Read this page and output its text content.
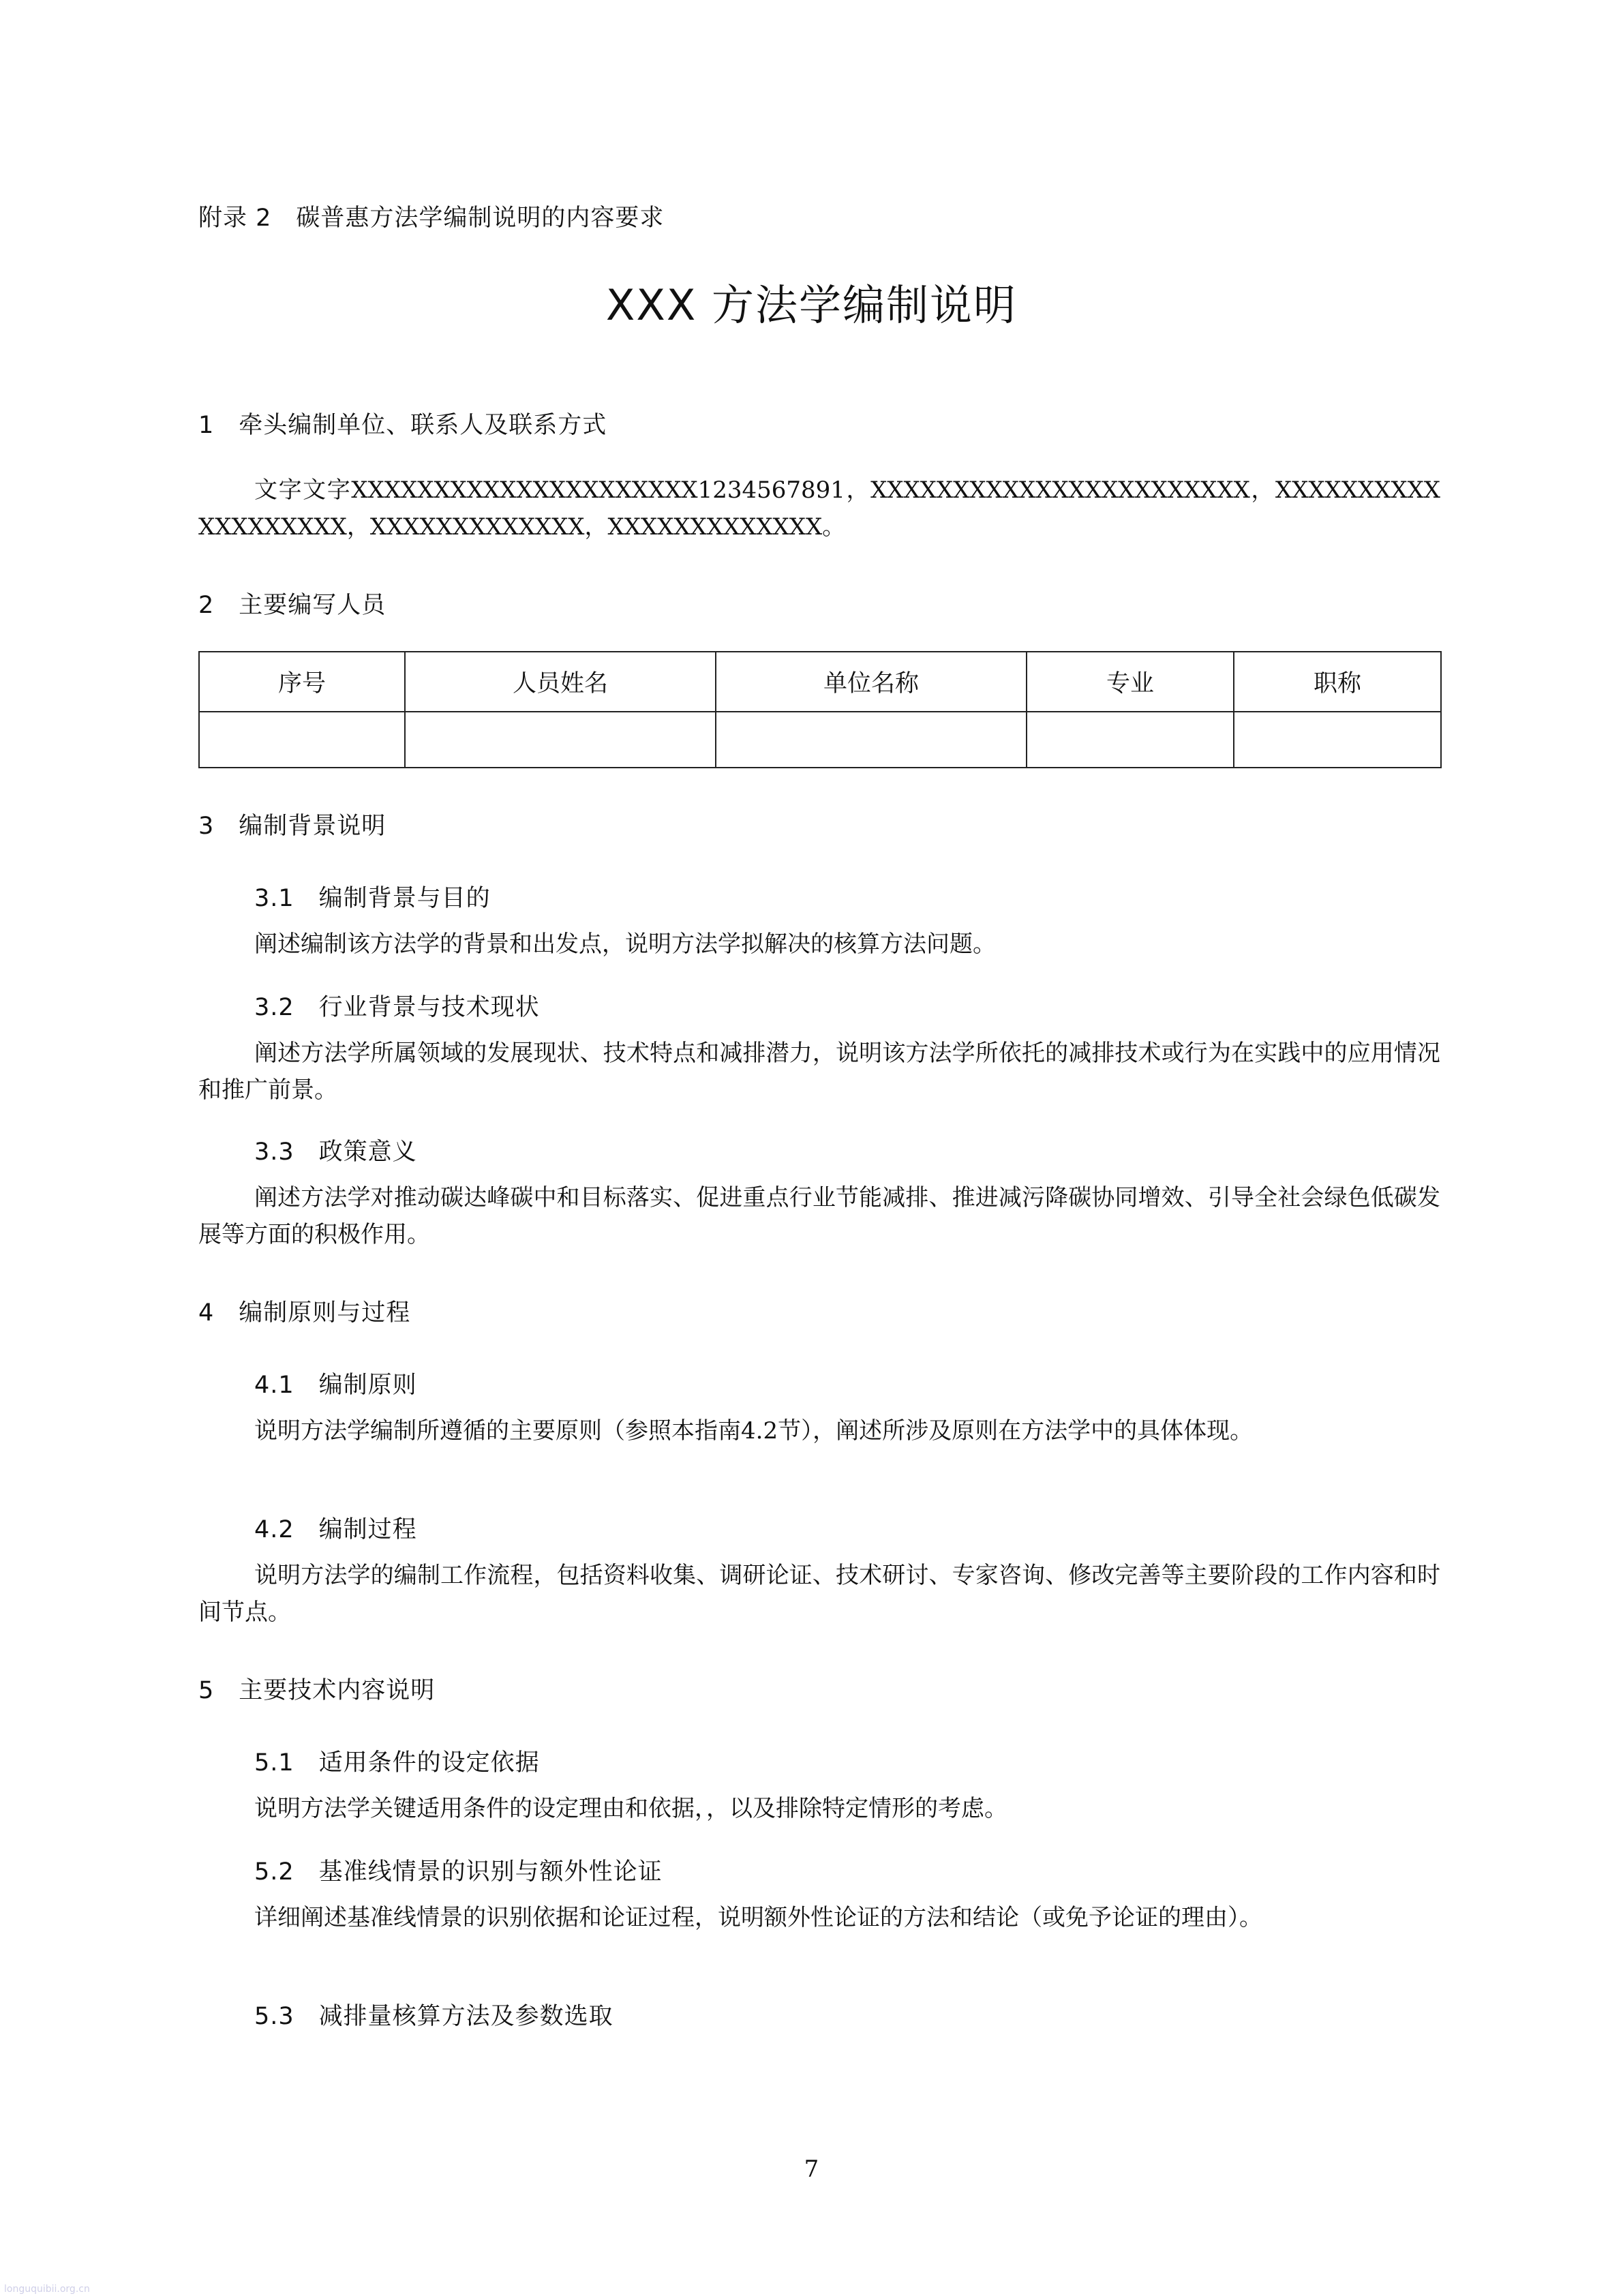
附录 2　碳普惠方法学编制说明的内容要求
XXX 方法学编制说明
1　牵头编制单位、联系人及联系方式

文字文字XXXXXXXXXXXXXXXXXXXXX1234567891，XXXXXXXXXXXXXXXXXXXXXXX，XXXXXXXXXXXXXXXXXXX，XXXXXXXXXXXXX，XXXXXXXXXXXXX。

2　主要编写人员
序号	人员姓名	单位名称	专业	职称

3　编制背景说明
3.1　编制背景与目的

阐述编制该方法学的背景和出发点，说明方法学拟解决的核算方法问题。

3.2　行业背景与技术现状

阐述方法学所属领域的发展现状、技术特点和减排潜力，说明该方法学所依托的减排技术或行为在实践中的应用情况和推广前景。

3.3　政策意义

阐述方法学对推动碳达峰碳中和目标落实、促进重点行业节能减排、推进减污降碳协同增效、引导全社会绿色低碳发展等方面的积极作用。

4　编制原则与过程
4.1　编制原则

说明方法学编制所遵循的主要原则（参照本指南4.2节），阐述所涉及原则在方法学中的具体体现。

4.2　编制过程

说明方法学的编制工作流程，包括资料收集、调研论证、技术研讨、专家咨询、修改完善等主要阶段的工作内容和时间节点。

5　主要技术内容说明
5.1　适用条件的设定依据

说明方法学关键适用条件的设定理由和依据，，以及排除特定情形的考虑。

5.2　基准线情景的识别与额外性论证

详细阐述基准线情景的识别依据和论证过程，说明额外性论证的方法和结论（或免予论证的理由）。

5.3　减排量核算方法及参数选取
7
longuquibii.org.cn
